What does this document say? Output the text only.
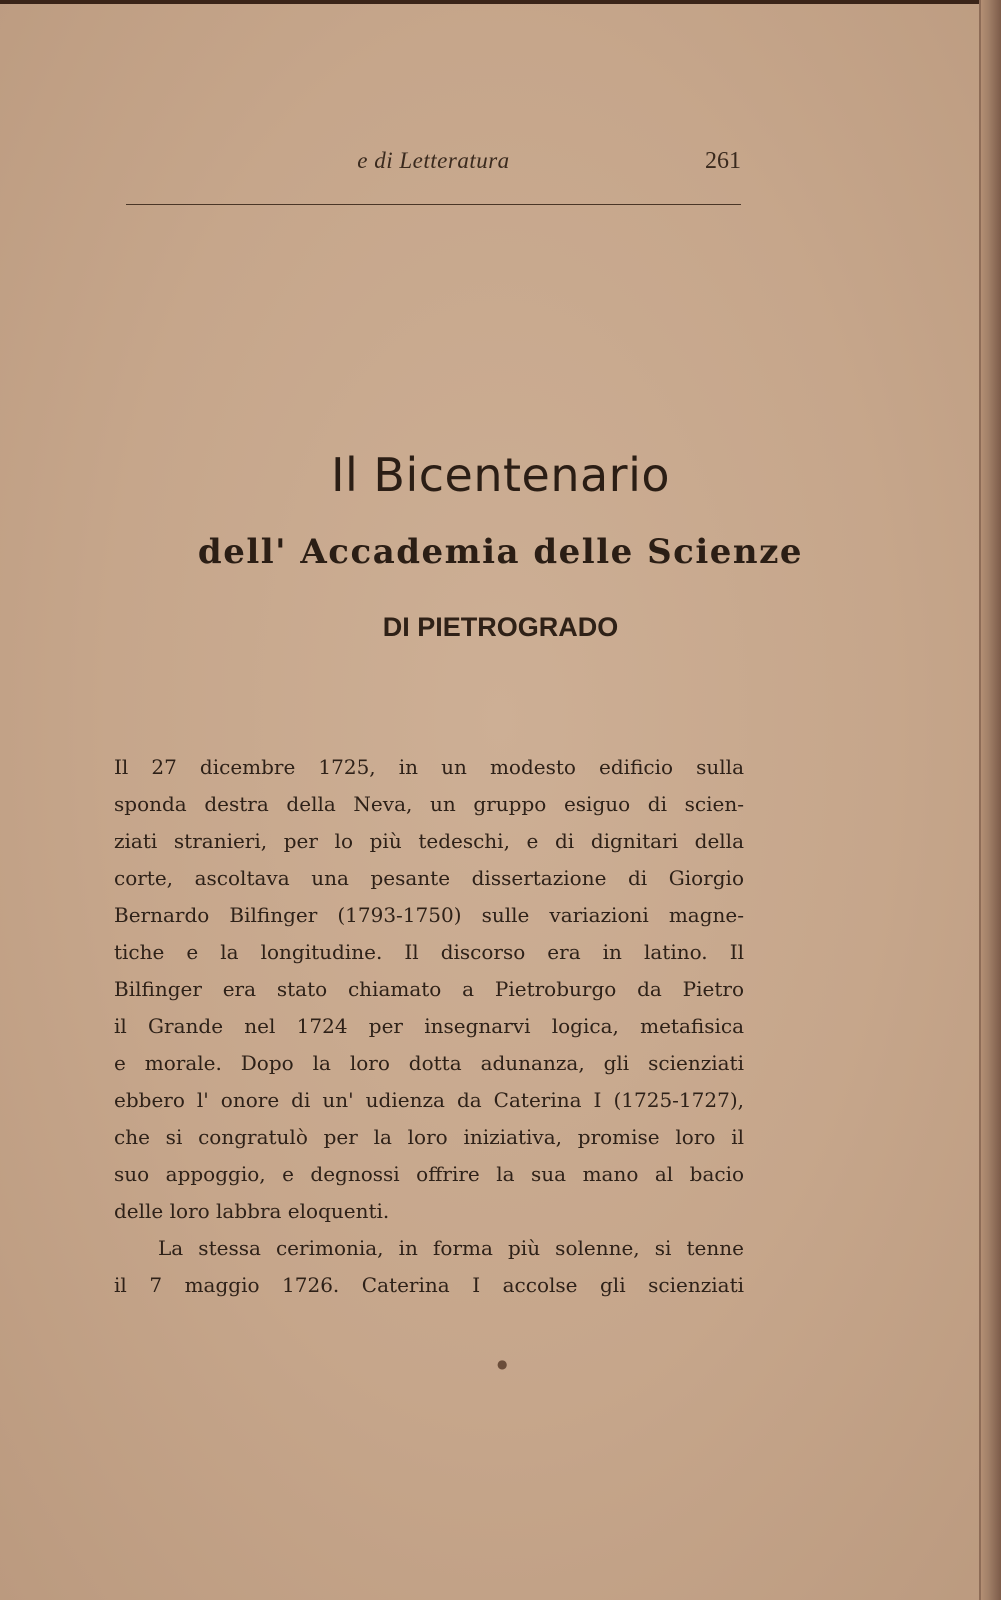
e di Letteratura	261
Il Bicentenario
dell' Accademia delle Scienze
DI PIETROGRADO
Il 27 dicembre 1725, in un modesto edificio sulla
sponda destra della Neva, un gruppo esiguo di scien-
ziati stranieri, per lo più tedeschi, e di dignitari della
corte, ascoltava una pesante dissertazione di Giorgio
Bernardo Bilfinger (1793-1750) sulle variazioni magne-
tiche e la longitudine. Il discorso era in latino. Il
Bilfinger era stato chiamato a Pietroburgo da Pietro
il Grande nel 1724 per insegnarvi logica, metafisica
e morale. Dopo la loro dotta adunanza, gli scienziati
ebbero l' onore di un' udienza da Caterina I (1725-1727),
che si congratulò per la loro iniziativa, promise loro il
suo appoggio, e degnossi offrire la sua mano al bacio
delle loro labbra eloquenti.
La stessa cerimonia, in forma più solenne, si tenne
il 7 maggio 1726. Caterina I accolse gli scienziati
●
